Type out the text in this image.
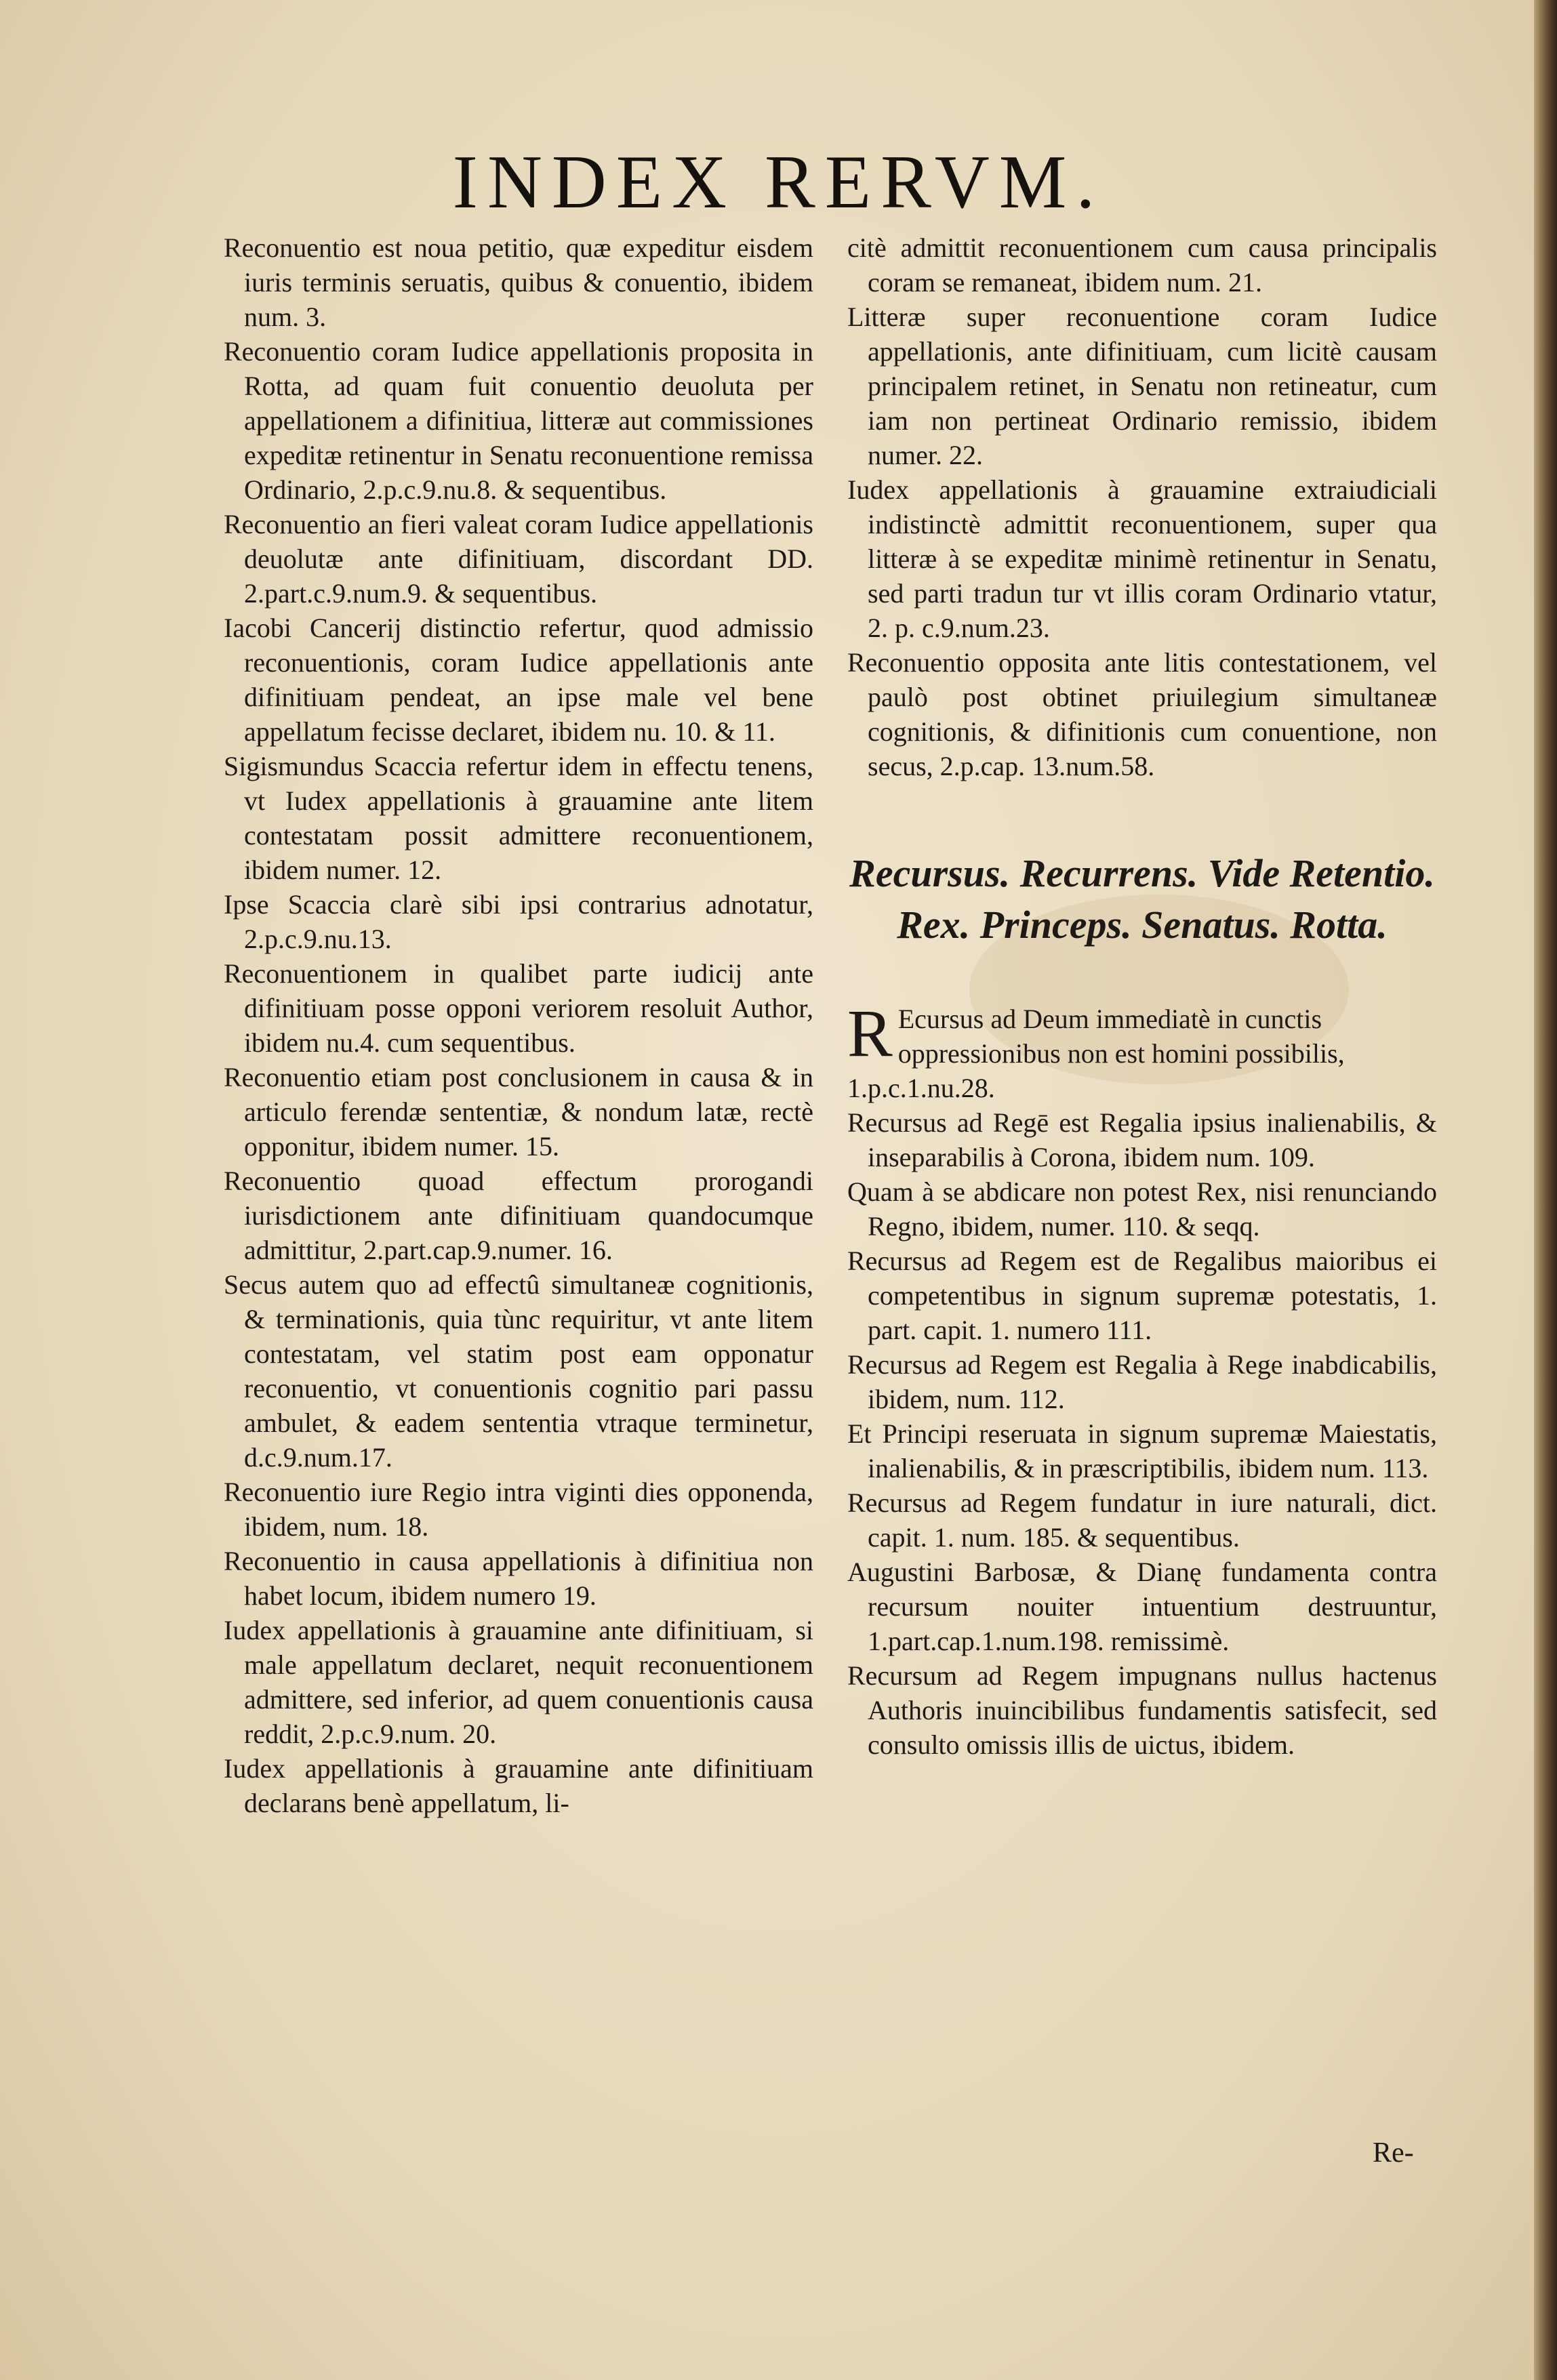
INDEX RERVM.

Reconuentio est noua petitio, quæ expeditur eisdem iuris terminis seruatis, quibus & conuentio, ibidem num. 3.

Reconuentio coram Iudice appellationis proposita in Rotta, ad quam fuit conuentio deuoluta per appellationem a difinitiua, litteræ aut commissiones expeditæ retinentur in Senatu reconuentione remissa Ordinario, 2.p.c.9.nu.8. & sequentibus.

Reconuentio an fieri valeat coram Iudice appellationis deuolutæ ante difinitiuam, discordant DD. 2.part.c.9.num.9. & sequentibus.

Iacobi Cancerij distinctio refertur, quod admissio reconuentionis, coram Iudice appellationis ante difinitiuam pendeat, an ipse male vel bene appellatum fecisse declaret, ibidem nu. 10. & 11.

Sigismundus Scaccia refertur idem in effectu tenens, vt Iudex appellationis à grauamine ante litem contestatam possit admittere reconuentionem, ibidem numer. 12.

Ipse Scaccia clarè sibi ipsi contrarius adnotatur, 2.p.c.9.nu.13.

Reconuentionem in qualibet parte iudicij ante difinitiuam posse opponi veriorem resoluit Author, ibidem nu.4. cum sequentibus.

Reconuentio etiam post conclusionem in causa & in articulo ferendæ sententiæ, & nondum latæ, rectè opponitur, ibidem numer. 15.

Reconuentio quoad effectum prorogandi iurisdictionem ante difinitiuam quandocumque admittitur, 2.part.cap.9.numer. 16.

Secus autem quo ad effectû simultaneæ cognitionis, & terminationis, quia tùnc requiritur, vt ante litem contestatam, vel statim post eam opponatur reconuentio, vt conuentionis cognitio pari passu ambulet, & eadem sententia vtraque terminetur, d.c.9.num.17.

Reconuentio iure Regio intra viginti dies opponenda, ibidem, num. 18.

Reconuentio in causa appellationis à difinitiua non habet locum, ibidem numero 19.

Iudex appellationis à grauamine ante difinitiuam, si male appellatum declaret, nequit reconuentionem admittere, sed inferior, ad quem conuentionis causa reddit, 2.p.c.9.num. 20.

Iudex appellationis à grauamine ante difinitiuam declarans benè appellatum, li-

citè admittit reconuentionem cum causa principalis coram se remaneat, ibidem num. 21.

Litteræ super reconuentione coram Iudice appellationis, ante difinitiuam, cum licitè causam principalem retinet, in Senatu non retineatur, cum iam non pertineat Ordinario remissio, ibidem numer. 22.

Iudex appellationis à grauamine extraiudiciali indistinctè admittit reconuentionem, super qua litteræ à se expeditæ minimè retinentur in Senatu, sed parti tradun tur vt illis coram Ordinario vtatur, 2. p. c.9.num.23.

Reconuentio opposita ante litis contestationem, vel paulò post obtinet priuilegium simultaneæ cognitionis, & difinitionis cum conuentione, non secus, 2.p.cap. 13.num.58.

Recursus. Recurrens. Vide Retentio. Rex. Princeps. Senatus. Rotta.

R Ecursus ad Deum immediatè in cunctis oppressionibus non est homini possibilis, 1.p.c.1.nu.28.

Recursus ad Regē est Regalia ipsius inalienabilis, & inseparabilis à Corona, ibidem num. 109.

Quam à se abdicare non potest Rex, nisi renunciando Regno, ibidem, numer. 110. & seqq.

Recursus ad Regem est de Regalibus maioribus ei competentibus in signum supremæ potestatis, 1. part. capit. 1. numero 111.

Recursus ad Regem est Regalia à Rege inabdicabilis, ibidem, num. 112.

Et Principi reseruata in signum supremæ Maiestatis, inalienabilis, & in præscriptibilis, ibidem num. 113.

Recursus ad Regem fundatur in iure naturali, dict. capit. 1. num. 185. & sequentibus.

Augustini Barbosæ, & Dianę fundamenta contra recursum nouiter intuentium destruuntur, 1.part.cap.1.num.198. remissimè.

Recursum ad Regem impugnans nullus hactenus Authoris inuincibilibus fundamentis satisfecit, sed consulto omissis illis de uictus, ibidem.

Re-
